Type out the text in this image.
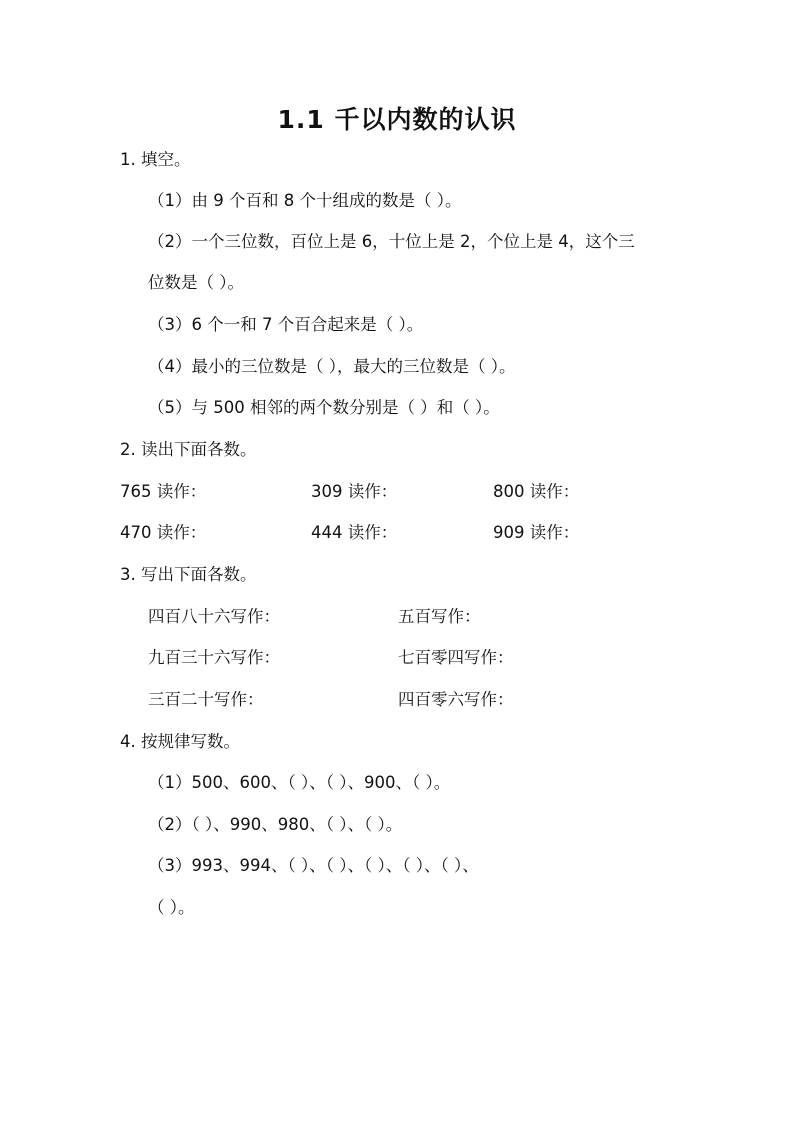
1.1 千以内数的认识
1. 填空。
（1）由 9 个百和 8 个十组成的数是（ ）。
（2）一个三位数，百位上是 6，十位上是 2，个位上是 4，这个三
位数是（ ）。
（3）6 个一和 7 个百合起来是（ ）。
（4）最小的三位数是（ ），最大的三位数是（ ）。
（5）与 500 相邻的两个数分别是（ ）和（ ）。
2. 读出下面各数。
765 读作：	309 读作：	800 读作：
470 读作：	444 读作：	909 读作：
3. 写出下面各数。
四百八十六写作：	五百写作：
九百三十六写作：	七百零四写作：
三百二十写作：	四百零六写作：
4. 按规律写数。
（1）500、600、（ ）、（ ）、900、（ ）。
（2）（ ）、990、980、（ ）、（ ）。
（3）993、994、（ ）、（ ）、（ ）、（ ）、（ ）、
（ ）。
